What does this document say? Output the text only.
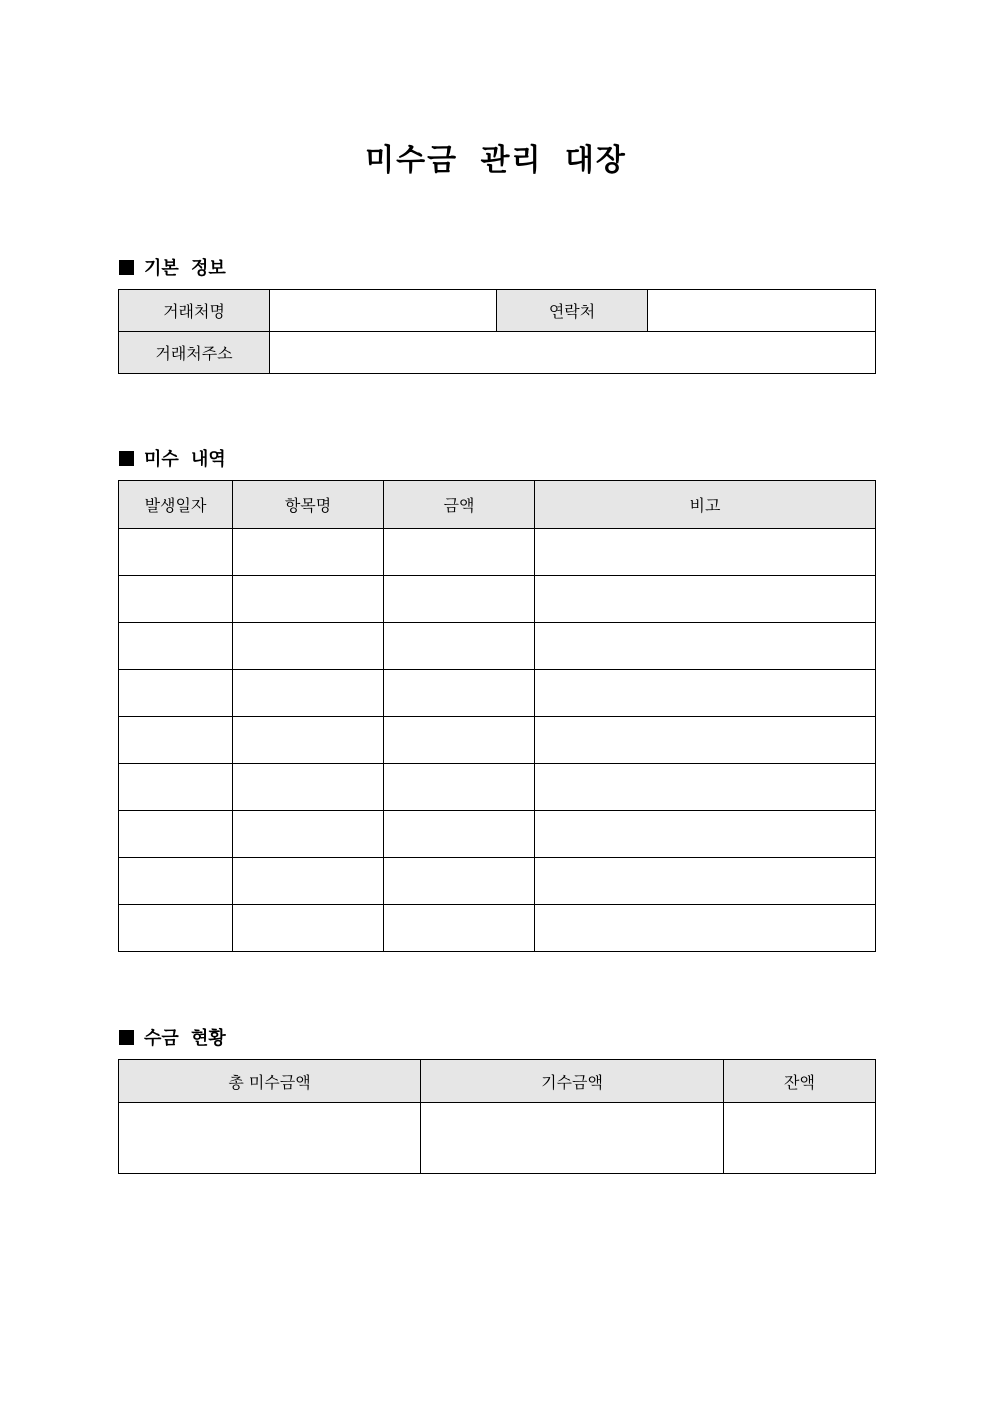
미수금 관리 대장
기본 정보
거래처명		연락처	
거래처주소			
미수 내역
발생일자	항목명	금액	비고

수금 현황
총 미수금액	기수금액	잔액
